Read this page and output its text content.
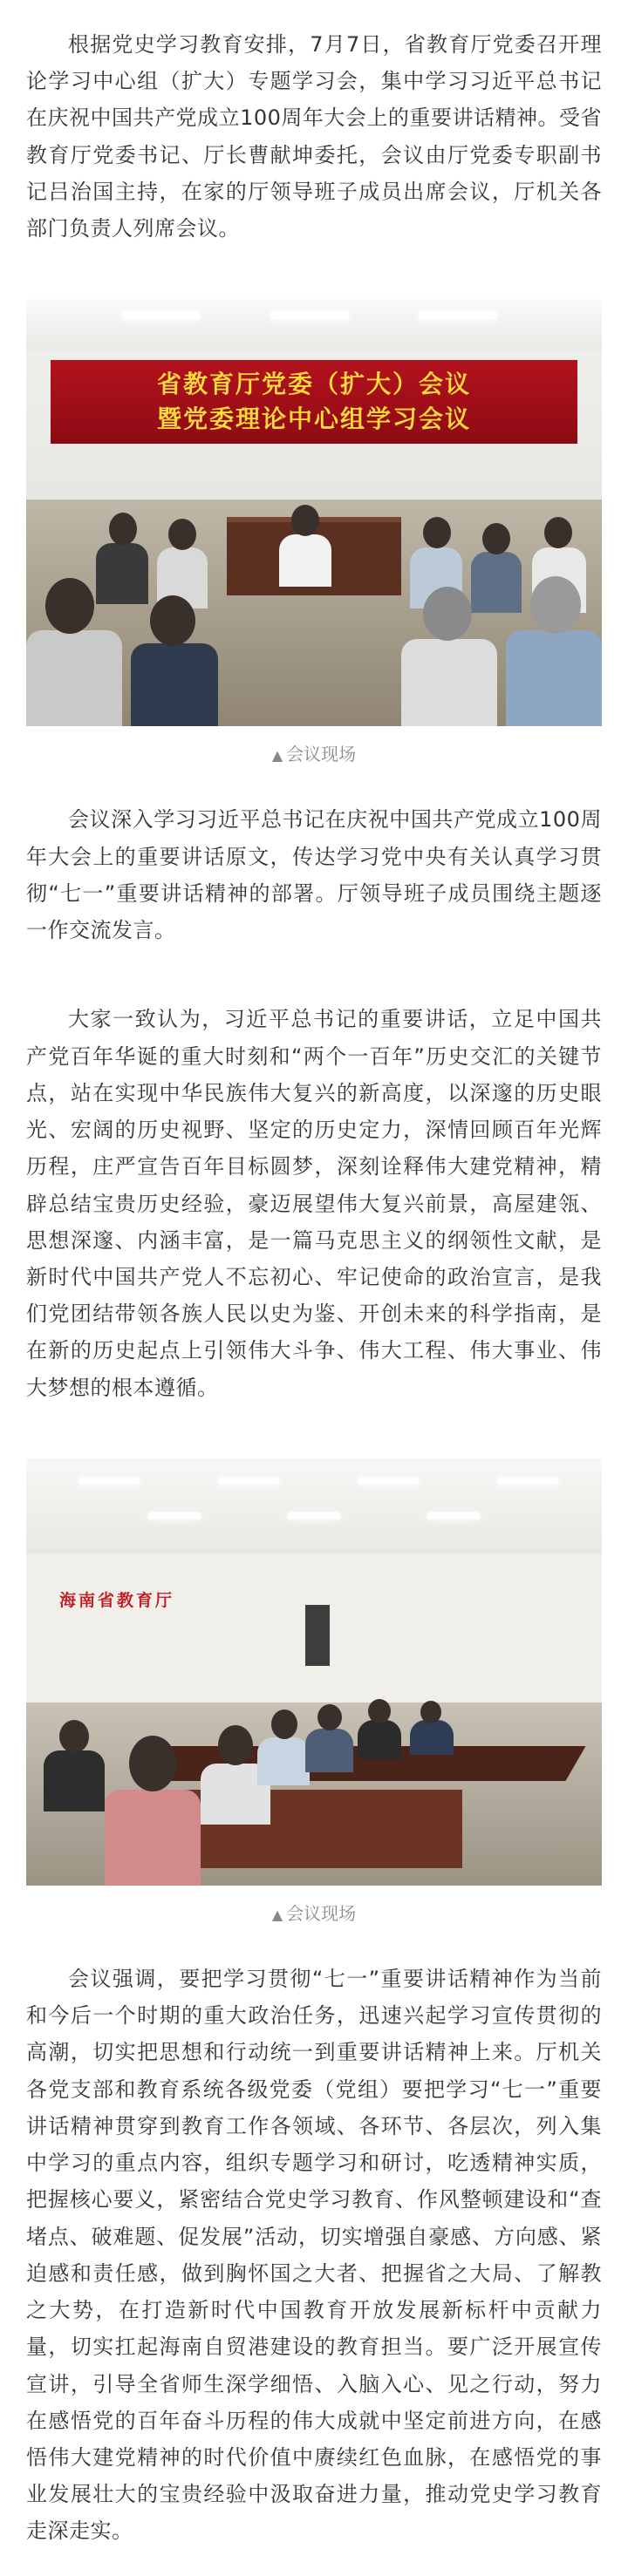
根据党史学习教育安排，7月7日，省教育厅党委召开理论学习中心组（扩大）专题学习会，集中学习习近平总书记在庆祝中国共产党成立100周年大会上的重要讲话精神。受省教育厅党委书记、厅长曹献坤委托，会议由厅党委专职副书记吕治国主持，在家的厅领导班子成员出席会议，厅机关各部门负责人列席会议。

省教育厅党委（扩大）会议
暨党委理论中心组学习会议
▲ 会议现场

会议深入学习习近平总书记在庆祝中国共产党成立100周年大会上的重要讲话原文，传达学习党中央有关认真学习贯彻“七一”重要讲话精神的部署。厅领导班子成员围绕主题逐一作交流发言。

大家一致认为，习近平总书记的重要讲话，立足中国共产党百年华诞的重大时刻和“两个一百年”历史交汇的关键节点，站在实现中华民族伟大复兴的新高度，以深邃的历史眼光、宏阔的历史视野、坚定的历史定力，深情回顾百年光辉历程，庄严宣告百年目标圆梦，深刻诠释伟大建党精神，精辟总结宝贵历史经验，豪迈展望伟大复兴前景，高屋建瓴、思想深邃、内涵丰富，是一篇马克思主义的纲领性文献，是新时代中国共产党人不忘初心、牢记使命的政治宣言，是我们党团结带领各族人民以史为鉴、开创未来的科学指南，是在新的历史起点上引领伟大斗争、伟大工程、伟大事业、伟大梦想的根本遵循。

海南省教育厅
▲ 会议现场

会议强调，要把学习贯彻“七一”重要讲话精神作为当前和今后一个时期的重大政治任务，迅速兴起学习宣传贯彻的高潮，切实把思想和行动统一到重要讲话精神上来。厅机关各党支部和教育系统各级党委（党组）要把学习“七一”重要讲话精神贯穿到教育工作各领域、各环节、各层次，列入集中学习的重点内容，组织专题学习和研讨，吃透精神实质，把握核心要义，紧密结合党史学习教育、作风整顿建设和“查堵点、破难题、促发展”活动，切实增强自豪感、方向感、紧迫感和责任感，做到胸怀国之大者、把握省之大局、了解教之大势，在打造新时代中国教育开放发展新标杆中贡献力量，切实扛起海南自贸港建设的教育担当。要广泛开展宣传宣讲，引导全省师生深学细悟、入脑入心、见之行动，努力在感悟党的百年奋斗历程的伟大成就中坚定前进方向，在感悟伟大建党精神的时代价值中赓续红色血脉，在感悟党的事业发展壮大的宝贵经验中汲取奋进力量，推动党史学习教育走深走实。
